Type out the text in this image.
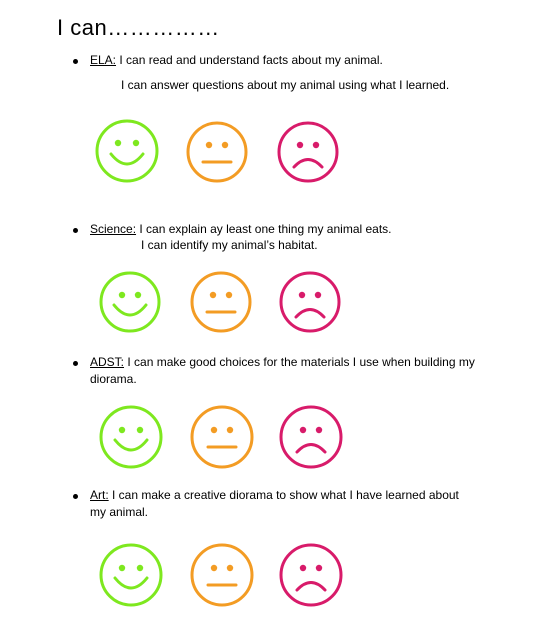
I can……………
ELA: I can read and understand facts about my animal.
I can answer questions about my animal using what I learned.
Science: I can explain ay least one thing my animal eats.
I can identify my animal’s habitat.
ADST: I can make good choices for the materials I use when building my
diorama.
Art: I can make a creative diorama to show what I have learned about
my animal.
